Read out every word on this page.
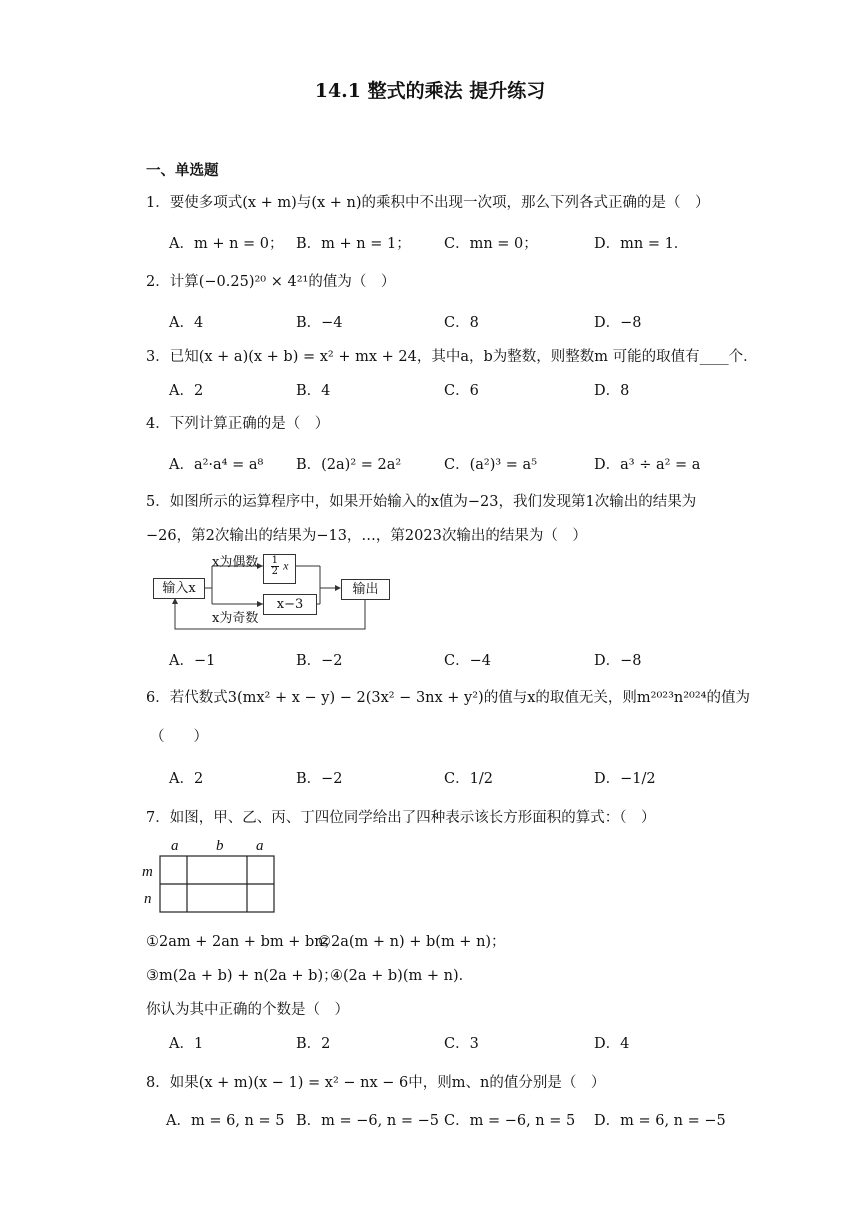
14.1 整式的乘法 提升练习
一、单选题
1．要使多项式(x + m)与(x + n)的乘积中不出现一次项，那么下列各式正确的是（　）
A．m + n = 0； B．m + n = 1； C．mn = 0；	D．mn = 1．
2．计算(−0.25)²⁰ × 4²¹的值为（　）
A．4	B．−4	C．8	D．−8
3．已知(x + a)(x + b) = x² + mx + 24，其中a，b为整数，则整数m 可能的取值有____个．
A．2	B．4	C．6	D．8
4．下列计算正确的是（　）
A．a²·a⁴ = a⁸ B．(2a)² = 2a²	C．(a²)³ = a⁵	D．a³ ÷ a² = a
5．如图所示的运算程序中，如果开始输入的x值为−23，我们发现第1次输出的结果为
−26，第2次输出的结果为−13，…，第2023次输出的结果为（　）
输入x
x为偶数
x为奇数
$\frac{1}{2}$ x
x−3
输出
A．−1	B．−2	C．−4	D．−8
6．若代数式3(mx² + x − y) − 2(3x² − 3nx + y²)的值与x的取值无关，则m²⁰²³n²⁰²⁴的值为
（　　）
A．2	B．−2	C．1/2	D．−1/2
7．如图，甲、乙、丙、丁四位同学给出了四种表示该长方形面积的算式：（　）
a	b a
m
n
①2am + 2an + bm + bn；
②2a(m + n) + b(m + n)；
③m(2a + b) + n(2a + b)；
④(2a + b)(m + n)．
你认为其中正确的个数是（　）
A．1	B．2	C．3	D．4
8．如果(x + m)(x − 1) = x² − nx − 6中，则m、n的值分别是（　）
A．m = 6, n = 5 B．m = −6, n = −5 C．m = −6, n = 5 D．m = 6, n = −5
